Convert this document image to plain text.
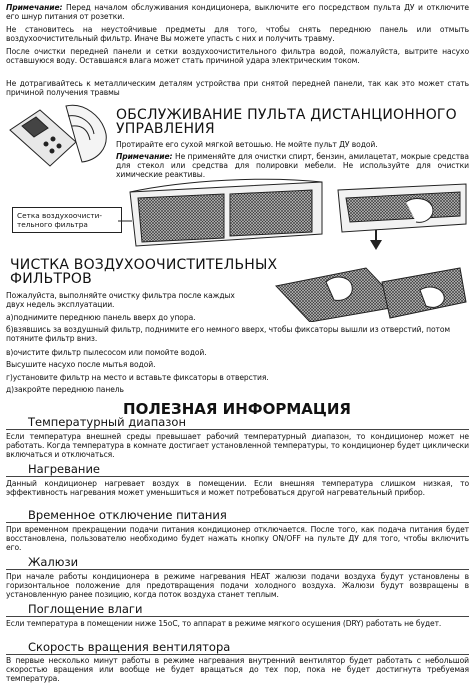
Примечание: Перед началом обслуживания кондиционера, выключите его посредством пульта ДУ и отключите его шнур питания от розетки.
Не становитесь на неустойчивые предметы для того, чтобы снять переднюю панель или отмыть воздухоочистительный фильтр. Иначе Вы можете упасть с них и получить травму.
После очистки передней панели и сетки воздухоочистительного фильтра водой, пожалуйста, вытрите насухо оставшуюся воду. Оставшаяся влага может стать причиной удара электрическим током.
Не дотрагивайтесь к металлическим деталям устройства при снятой передней панели, так как это может стать причиной получения травмы
ОБСЛУЖИВАНИЕ ПУЛЬТА ДИСТАНЦИОННОГО
УПРАВЛЕНИЯ
Протирайте его сухой мягкой ветошью. Не мойте пульт ДУ водой.
Примечание: Не применяйте для очистки спирт, бензин, амилацетат, мокрые средства для стекол или средства для полировки мебели. Не используйте для очистки химические реактивы.
Сетка воздухоочисти-
тельного фильтра
ЧИСТКА ВОЗДУХООЧИСТИТЕЛЬНЫХ
ФИЛЬТРОВ
Пожалуйста, выполняйте очистку фильтра после каждых двух недель эксплуатации.
а)поднимите переднюю панель вверх до упора.
б)взявшись за воздушный фильтр, поднимите его немного вверх, чтобы фиксаторы вышли из отверстий, потом потяните фильтр вниз.
в)очистите фильтр пылесосом или помойте водой.
Высушите насухо после мытья водой.
г)установите фильтр на место и вставьте фиксаторы в отверстия.
д)закройте переднюю панель
ПОЛЕЗНАЯ ИНФОРМАЦИЯ
Температурный диапазон
Если температура внешней среды превышает рабочий температурный диапазон, то кондиционер может не работать. Когда температура в комнате достигает установленной температуры, то кондиционер будет циклически включаться и отключаться.
Нагревание
Данный кондиционер нагревает воздух в помещении. Если внешняя температура слишком низкая, то эффективность нагревания может уменьшиться и может потребоваться другой нагревательный прибор.
Временное отключение питания
При временном прекращении подачи питания кондиционер отключается. После того, как подача питания будет восстановлена, пользователю необходимо будет нажать кнопку ON/OFF на пульте ДУ для того, чтобы включить его.
Жалюзи
При начале работы кондиционера в режиме нагревания HEAT жалюзи подачи воздуха будут установлены в горизонтальное положение для предотвращения подачи холодного воздуха. Жалюзи будут возвращены в установленную ранее позицию, когда поток воздуха станет теплым.
Поглощение влаги
Если температура в помещении ниже 15оС, то аппарат в режиме мягкого осушения (DRY) работать не будет.
Скорость вращения вентилятора
В первые несколько минут работы в режиме нагревания внутренний вентилятор будет работать с небольшой скоростью вращения или вообще не будет вращаться до тех пор, пока не будет достигнута требуемая температура.
